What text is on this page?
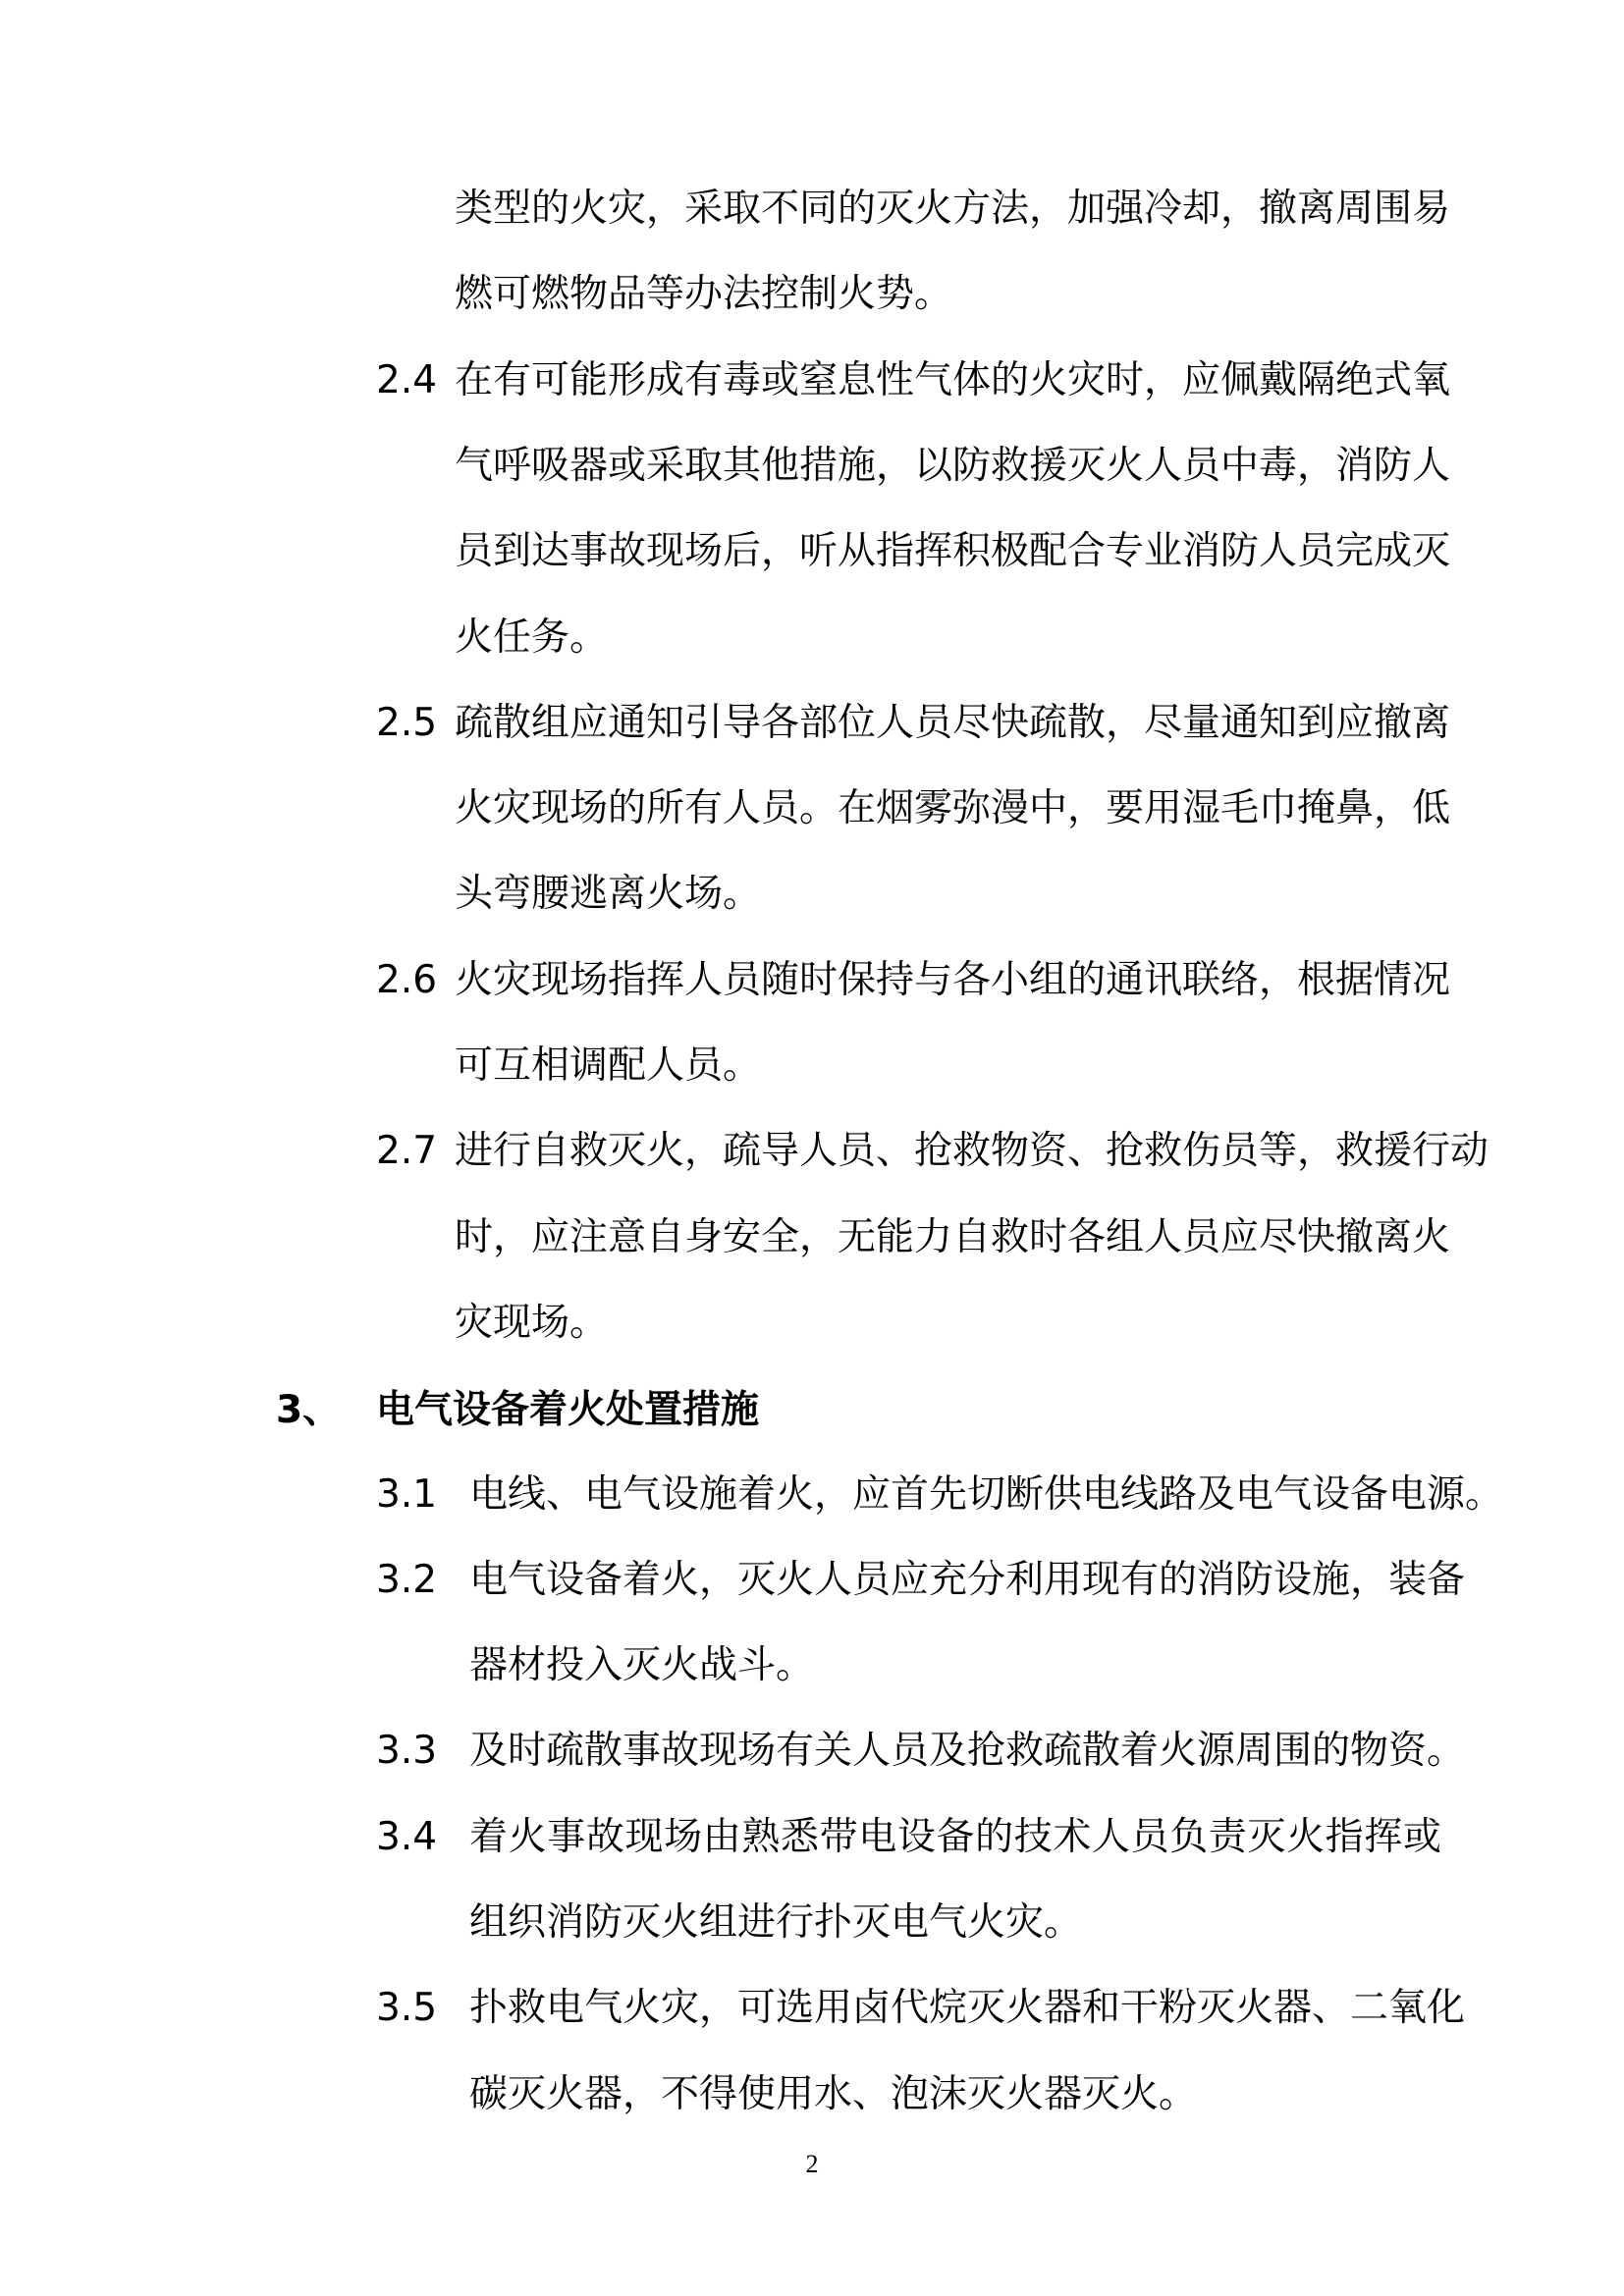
类型的火灾，采取不同的灭火方法，加强冷却，撤离周围易
燃可燃物品等办法控制火势。
2.4 在有可能形成有毒或窒息性气体的火灾时，应佩戴隔绝式氧
气呼吸器或采取其他措施，以防救援灭火人员中毒，消防人
员到达事故现场后，听从指挥积极配合专业消防人员完成灭
火任务。
2.5 疏散组应通知引导各部位人员尽快疏散，尽量通知到应撤离
火灾现场的所有人员。在烟雾弥漫中，要用湿毛巾掩鼻，低
头弯腰逃离火场。
2.6 火灾现场指挥人员随时保持与各小组的通讯联络，根据情况
可互相调配人员。
2.7 进行自救灭火，疏导人员、抢救物资、抢救伤员等，救援行动
时，应注意自身安全，无能力自救时各组人员应尽快撤离火
灾现场。
3、 电气设备着火处置措施
3.1 电线、电气设施着火，应首先切断供电线路及电气设备电源。
3.2 电气设备着火，灭火人员应充分利用现有的消防设施，装备
器材投入灭火战斗。
3.3 及时疏散事故现场有关人员及抢救疏散着火源周围的物资。
3.4 着火事故现场由熟悉带电设备的技术人员负责灭火指挥或
组织消防灭火组进行扑灭电气火灾。
3.5 扑救电气火灾，可选用卤代烷灭火器和干粉灭火器、二氧化
碳灭火器，不得使用水、泡沫灭火器灭火。
2
